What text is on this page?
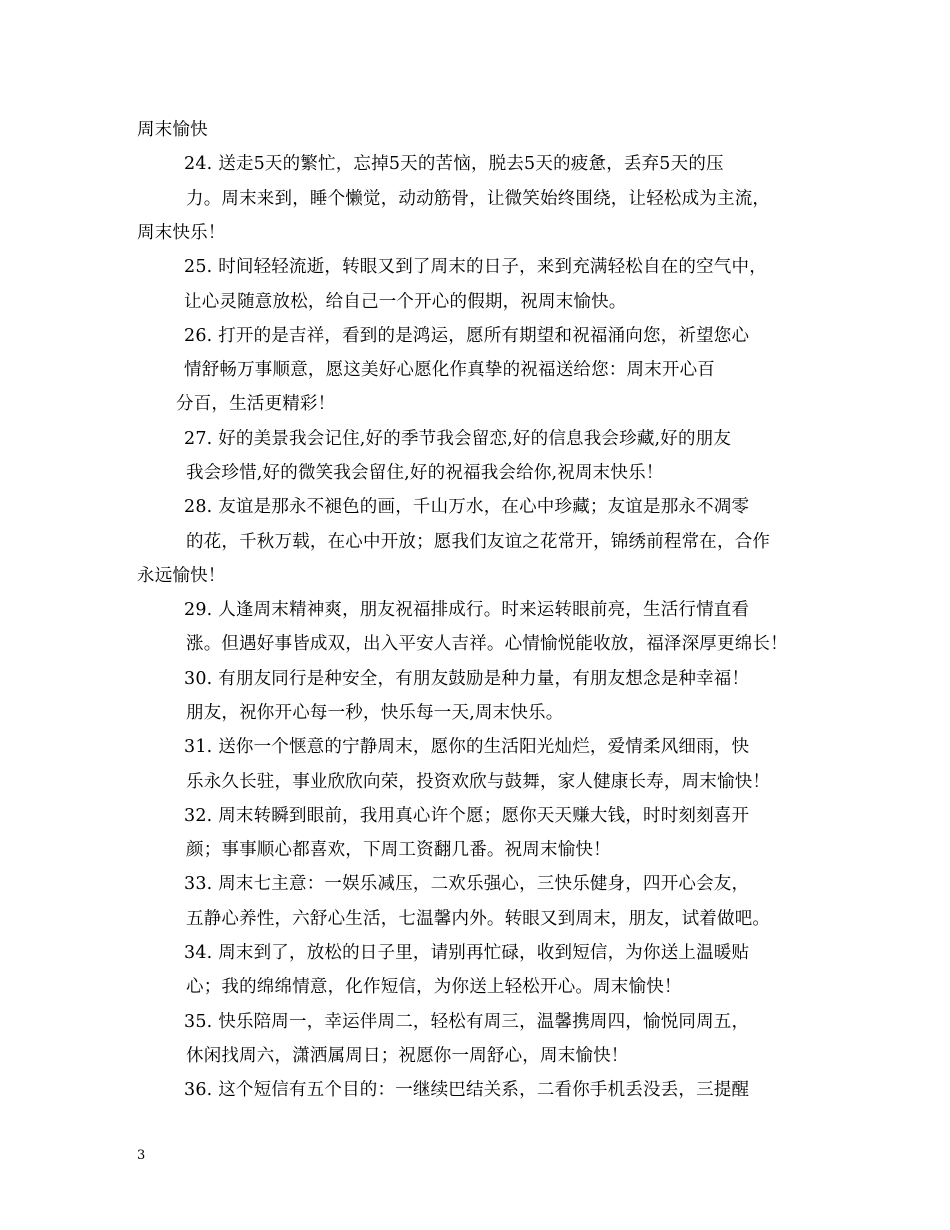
周末愉快
24. 送走5天的繁忙，忘掉5天的苦恼，脱去5天的疲惫，丢弃5天的压
力。周末来到，睡个懒觉，动动筋骨，让微笑始终围绕，让轻松成为主流，
周末快乐！
25. 时间轻轻流逝，转眼又到了周末的日子，来到充满轻松自在的空气中，
让心灵随意放松，给自己一个开心的假期，祝周末愉快。
26. 打开的是吉祥，看到的是鸿运，愿所有期望和祝福涌向您，祈望您心
情舒畅万事顺意，愿这美好心愿化作真挚的祝福送给您：周末开心百
分百，生活更精彩！
27. 好的美景我会记住,好的季节我会留恋,好的信息我会珍藏,好的朋友
我会珍惜,好的微笑我会留住,好的祝福我会给你,祝周末快乐！
28. 友谊是那永不褪色的画，千山万水，在心中珍藏；友谊是那永不凋零
的花，千秋万载，在心中开放；愿我们友谊之花常开，锦绣前程常在，合作
永远愉快！
29. 人逢周末精神爽，朋友祝福排成行。时来运转眼前亮，生活行情直看
涨。但遇好事皆成双，出入平安人吉祥。心情愉悦能收放，福泽深厚更绵长！
30. 有朋友同行是种安全，有朋友鼓励是种力量，有朋友想念是种幸福！
朋友，祝你开心每一秒，快乐每一天,周末快乐。
31. 送你一个惬意的宁静周末，愿你的生活阳光灿烂，爱情柔风细雨，快
乐永久长驻，事业欣欣向荣，投资欢欣与鼓舞，家人健康长寿，周末愉快！
32. 周末转瞬到眼前，我用真心许个愿；愿你天天赚大钱，时时刻刻喜开
颜；事事顺心都喜欢，下周工资翻几番。祝周末愉快！
33. 周末七主意：一娱乐减压，二欢乐强心，三快乐健身，四开心会友，
五静心养性，六舒心生活，七温馨内外。转眼又到周末，朋友，试着做吧。
34. 周末到了，放松的日子里，请别再忙碌，收到短信，为你送上温暖贴
心；我的绵绵情意，化作短信，为你送上轻松开心。周末愉快！
35. 快乐陪周一，幸运伴周二，轻松有周三，温馨携周四，愉悦同周五，
休闲找周六，潇洒属周日；祝愿你一周舒心，周末愉快！
36. 这个短信有五个目的：一继续巴结关系，二看你手机丢没丢，三提醒
3
